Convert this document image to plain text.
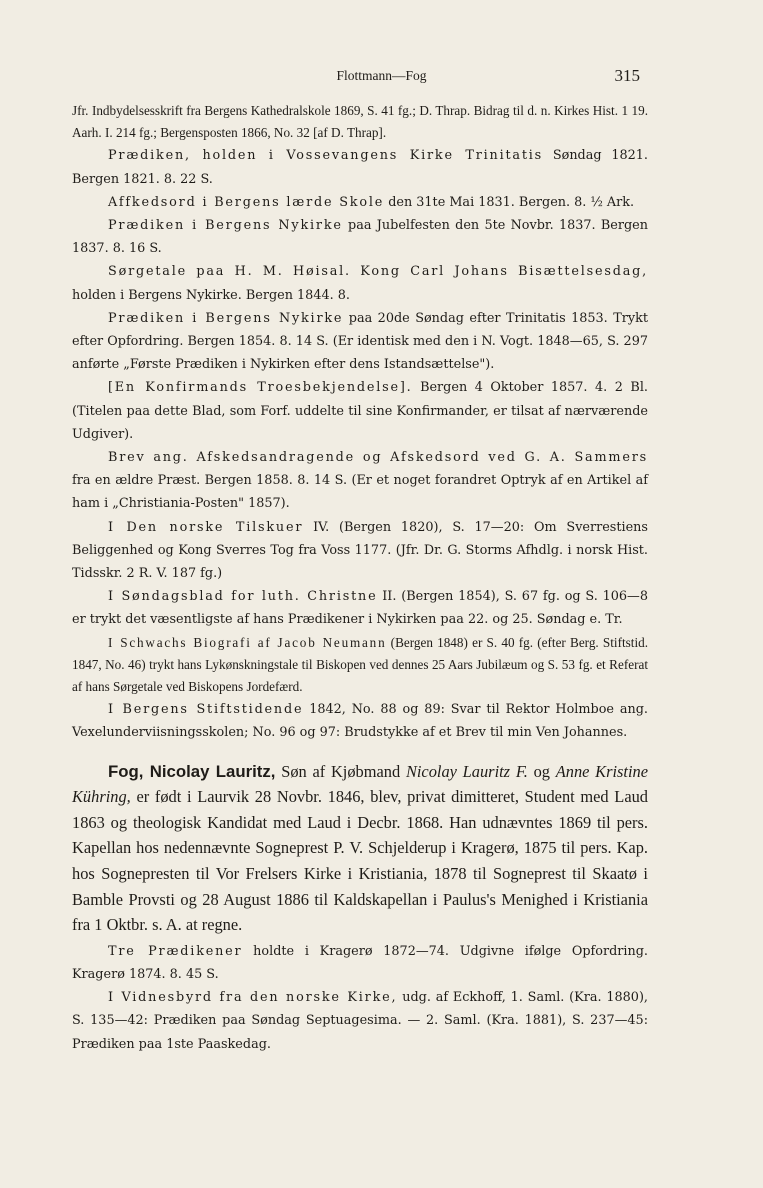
Flottmann—Fog	315

Jfr. Indbydelsesskrift fra Bergens Kathedralskole 1869, S. 41 fg.; D. Thrap. Bidrag til d. n. Kirkes Hist. 1 19. Aarh. I. 214 fg.; Bergensposten 1866, No. 32 [af D. Thrap].

Prædiken, holden i Vossevangens Kirke Trinitatis Søndag 1821. Bergen 1821. 8. 22 S.

Affkedsord i Bergens lærde Skole den 31te Mai 1831. Bergen. 8. ½ Ark.

Prædiken i Bergens Nykirke paa Jubelfesten den 5te Novbr. 1837. Bergen 1837. 8. 16 S.

Sørgetale paa H. M. Høisal. Kong Carl Johans Bisættelsesdag, holden i Bergens Nykirke. Bergen 1844. 8.

Prædiken i Bergens Nykirke paa 20de Søndag efter Trinitatis 1853. Trykt efter Opfordring. Bergen 1854. 8. 14 S. (Er identisk med den i N. Vogt. 1848—65, S. 297 anførte „Første Prædiken i Nykirken efter dens Istandsættelse").

[En Konfirmands Troesbekjendelse]. Bergen 4 Oktober 1857. 4. 2 Bl. (Titelen paa dette Blad, som Forf. uddelte til sine Konfirmander, er tilsat af nærværende Udgiver).

Brev ang. Afskedsandragende og Afskedsord ved G. A. Sammers fra en ældre Præst. Bergen 1858. 8. 14 S. (Er et noget forandret Optryk af en Artikel af ham i „Christiania-Posten" 1857).

I Den norske Tilskuer IV. (Bergen 1820), S. 17—20: Om Sverrestiens Beliggenhed og Kong Sverres Tog fra Voss 1177. (Jfr. Dr. G. Storms Afhdlg. i norsk Hist. Tidsskr. 2 R. V. 187 fg.)

I Søndagsblad for luth. Christne II. (Bergen 1854), S. 67 fg. og S. 106—8 er trykt det væsentligste af hans Prædikener i Nykirken paa 22. og 25. Søndag e. Tr.

I Schwachs Biografi af Jacob Neumann (Bergen 1848) er S. 40 fg. (efter Berg. Stiftstid. 1847, No. 46) trykt hans Lykønskningstale til Biskopen ved dennes 25 Aars Jubilæum og S. 53 fg. et Referat af hans Sørgetale ved Biskopens Jordefærd.

I Bergens Stiftstidende 1842, No. 88 og 89: Svar til Rektor Holmboe ang. Vexelunderviisningsskolen; No. 96 og 97: Brudstykke af et Brev til min Ven Johannes.

Fog, Nicolay Lauritz, Søn af Kjøbmand Nicolay Lauritz F. og Anne Kristine Kühring, er født i Laurvik 28 Novbr. 1846, blev, privat dimitteret, Student med Laud 1863 og theologisk Kandidat med Laud i Decbr. 1868. Han udnævntes 1869 til pers. Kapellan hos nedennævnte Sogneprest P. V. Schjelderup i Kragerø, 1875 til pers. Kap. hos Sognepresten til Vor Frelsers Kirke i Kristiania, 1878 til Sogneprest til Skaatø i Bamble Provsti og 28 August 1886 til Kaldskapellan i Paulus's Menighed i Kristiania fra 1 Oktbr. s. A. at regne.

Tre Prædikener holdte i Kragerø 1872—74. Udgivne ifølge Opfordring. Kragerø 1874. 8. 45 S.

I Vidnesbyrd fra den norske Kirke, udg. af Eckhoff, 1. Saml. (Kra. 1880), S. 135—42: Prædiken paa Søndag Septuagesima. — 2. Saml. (Kra. 1881), S. 237—45: Prædiken paa 1ste Paaskedag.
